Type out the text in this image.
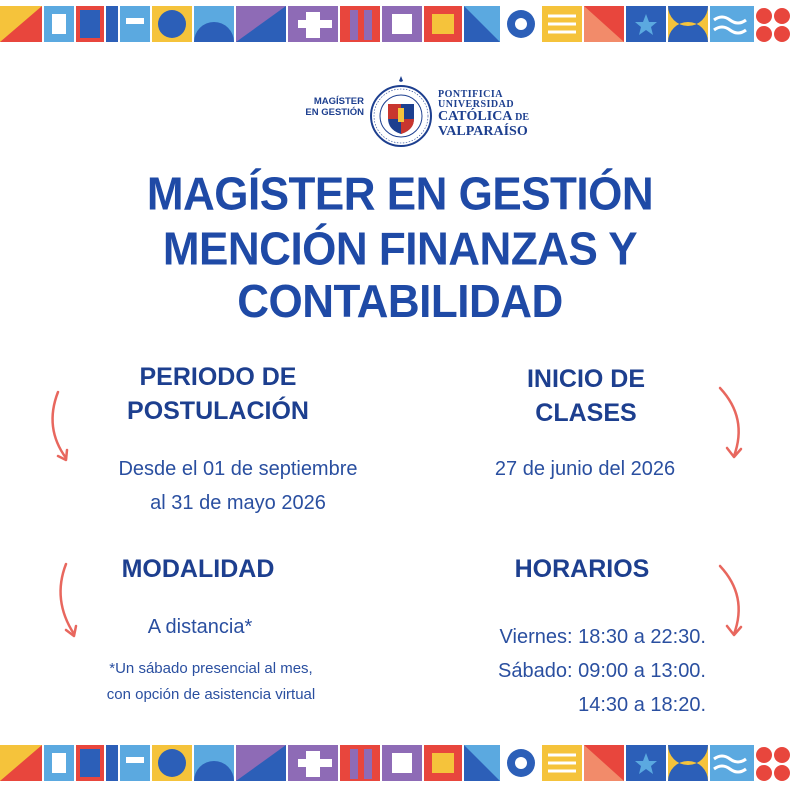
MAGÍSTER
EN GESTIÓN
PONTIFICIA
UNIVERSIDAD
CATÓLICA DE
VALPARAÍSO
MAGÍSTER EN GESTIÓN
MENCIÓN FINANZAS Y CONTABILIDAD
PERIODO DE
POSTULACIÓN
Desde el 01 de septiembre
al 31 de mayo 2026
INICIO DE
CLASES
27 de junio del 2026
MODALIDAD
A distancia*
*Un sábado presencial al mes,
con opción de asistencia virtual
HORARIOS
Viernes: 18:30 a 22:30.
Sábado: 09:00 a 13:00.
14:30 a 18:20.
